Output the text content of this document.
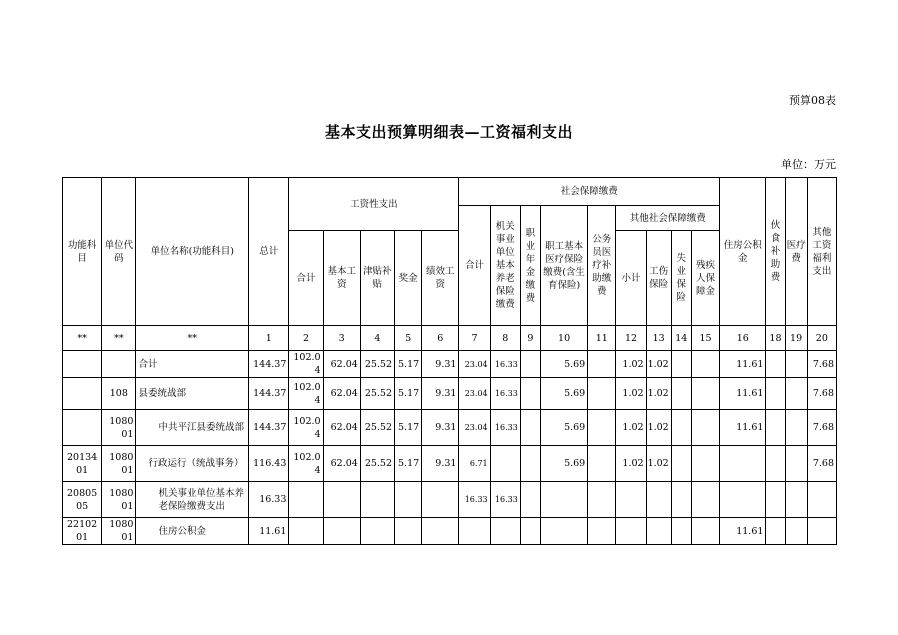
预算08表
基本支出预算明细表—工资福利支出
单位：万元
功能科目	单位代码	单位名称(功能科目)	总计	工资性支出					社会保障缴费									住房公积金	伙食补助费	医疗费	其他工资福利支出
									合计	机关事业单位基本养老保险缴费	职业年金缴费	职工基本医疗保险缴费(含生育保险)	公务员医疗补助缴费	其他社会保障缴费							
				合计	基本工资	津贴补贴	奖金	绩效工资						小计	工伤保险	失业保险	残疾人保障金				
**	**	**	1	2	3	4	5	6	7	8	9	10	11	12	13	14	15	16	18	19	20
		合计	144.37	102.04	62.04	25.52	5.17	9.31	23.04	16.33		5.69		1.02	1.02			11.61			7.68
	108	县委统战部	144.37	102.04	62.04	25.52	5.17	9.31	23.04	16.33		5.69		1.02	1.02			11.61			7.68
	108001	中共平江县委统战部	144.37	102.04	62.04	25.52	5.17	9.31	23.04	16.33		5.69		1.02	1.02			11.61			7.68
2013401	108001	行政运行（统战事务）	116.43	102.04	62.04	25.52	5.17	9.31	6.71			5.69		1.02	1.02						7.68
2080505	108001	机关事业单位基本养老保险缴费支出	16.33						16.33	16.33											
2210201	108001	住房公积金	11.61															11.61			
